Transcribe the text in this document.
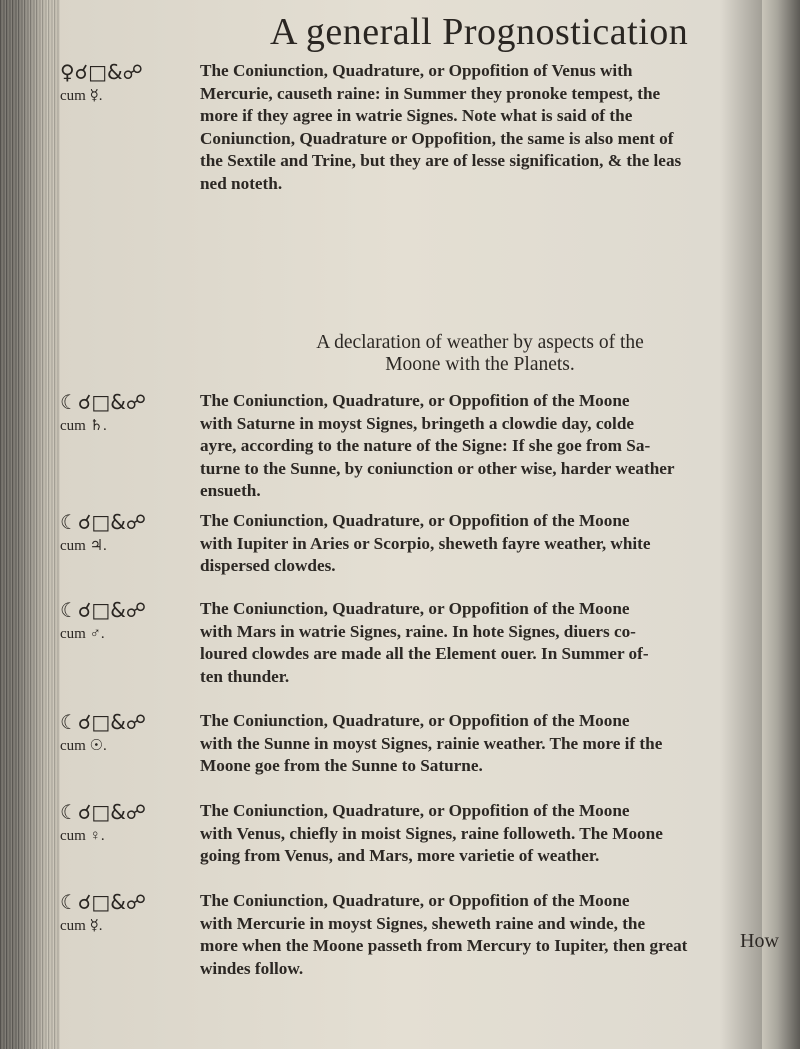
A generall Prognostication
♀☌□&☍
cum ☿.
The Coniunction, Quadrature, or Oppofition of Venus with
Mercurie, causeth raine: in Summer they pronoke tempest, the
more if they agree in watrie Signes. Note what is said of the
Coniunction, Quadrature or Oppofition, the same is also ment of
the Sextile and Trine, but they are of lesse signification, & the leas
ned noteth.
A declaration of weather by aspects of the
Moone with the Planets.
☾☌□&☍
cum ♄.
The Coniunction, Quadrature, or Oppofition of the Moone
with Saturne in moyst Signes, bringeth a clowdie day, colde
ayre, according to the nature of the Signe: If she goe from Sa-
turne to the Sunne, by coniunction or other wise, harder weather
ensueth.
☾☌□&☍
cum ♃.
The Coniunction, Quadrature, or Oppofition of the Moone
with Iupiter in Aries or Scorpio, sheweth fayre weather, white
dispersed clowdes.
☾☌□&☍
cum ♂.
The Coniunction, Quadrature, or Oppofition of the Moone
with Mars in watrie Signes, raine. In hote Signes, diuers co-
loured clowdes are made all the Element ouer. In Summer of-
ten thunder.
☾☌□&☍
cum ☉.
The Coniunction, Quadrature, or Oppofition of the Moone
with the Sunne in moyst Signes, rainie weather. The more if the
Moone goe from the Sunne to Saturne.
☾☌□&☍
cum ♀.
The Coniunction, Quadrature, or Oppofition of the Moone
with Venus, chiefly in moist Signes, raine followeth. The Moone
going from Venus, and Mars, more varietie of weather.
☾☌□&☍
cum ☿.
The Coniunction, Quadrature, or Oppofition of the Moone
with Mercurie in moyst Signes, sheweth raine and winde, the
more when the Moone passeth from Mercury to Iupiter, then great
windes follow.
How
